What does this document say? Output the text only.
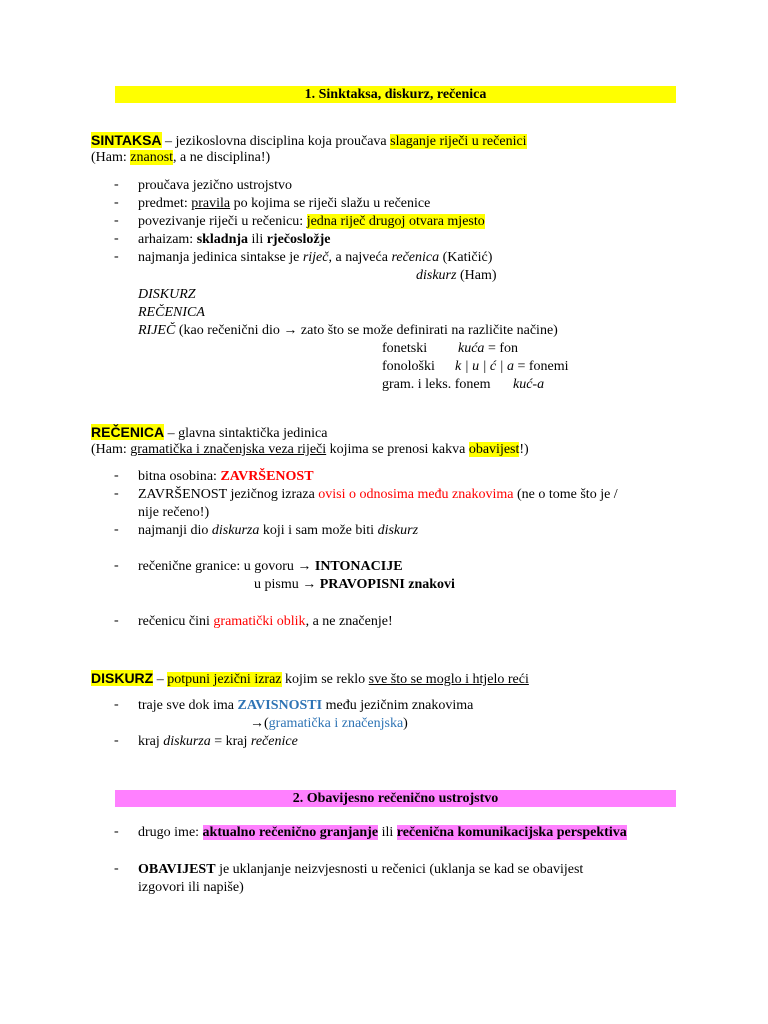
1. Sinktaksa, diskurz, rečenica
SINTAKSA – jezikoslovna disciplina koja proučava slaganje riječi u rečenici
(Ham: znanost, a ne disciplina!)
- proučava jezično ustrojstvo
- predmet: pravila po kojima se riječi slažu u rečenice
- povezivanje riječi u rečenicu: jedna riječ drugoj otvara mjesto
- arhaizam: skladnja ili rječosložje
- najmanja jedinica sintakse je riječ, a najveća rečenica (Katičić)
diskurz (Ham)
DISKURZ
REČENICA
RIJEČ (kao rečenični dio → zato što se može definirati na različite načine)
fonetski kuća = fon
fonološki k | u | ć | a = fonemi
gram. i leks. fonem kuć-a
REČENICA – glavna sintaktička jedinica
(Ham: gramatička i značenjska veza riječi kojima se prenosi kakva obavijest!)
- bitna osobina: ZAVRŠENOST
- ZAVRŠENOST jezičnog izraza ovisi o odnosima među znakovima (ne o tome što je /
nije rečeno!)
- najmanji dio diskurza koji i sam može biti diskurz
- rečenične granice: u govoru → INTONACIJE
u pismu → PRAVOPISNI znakovi
- rečenicu čini gramatički oblik, a ne značenje!
DISKURZ – potpuni jezični izraz kojim se reklo sve što se moglo i htjelo reći
- traje sve dok ima ZAVISNOSTI među jezičnim znakovima
→(gramatička i značenjska)
- kraj diskurza = kraj rečenice
2. Obavijesno rečenično ustrojstvo
- drugo ime: aktualno rečenično granjanje ili rečenična komunikacijska perspektiva
- OBAVIJEST je uklanjanje neizvjesnosti u rečenici (uklanja se kad se obavijest
izgovori ili napiše)
